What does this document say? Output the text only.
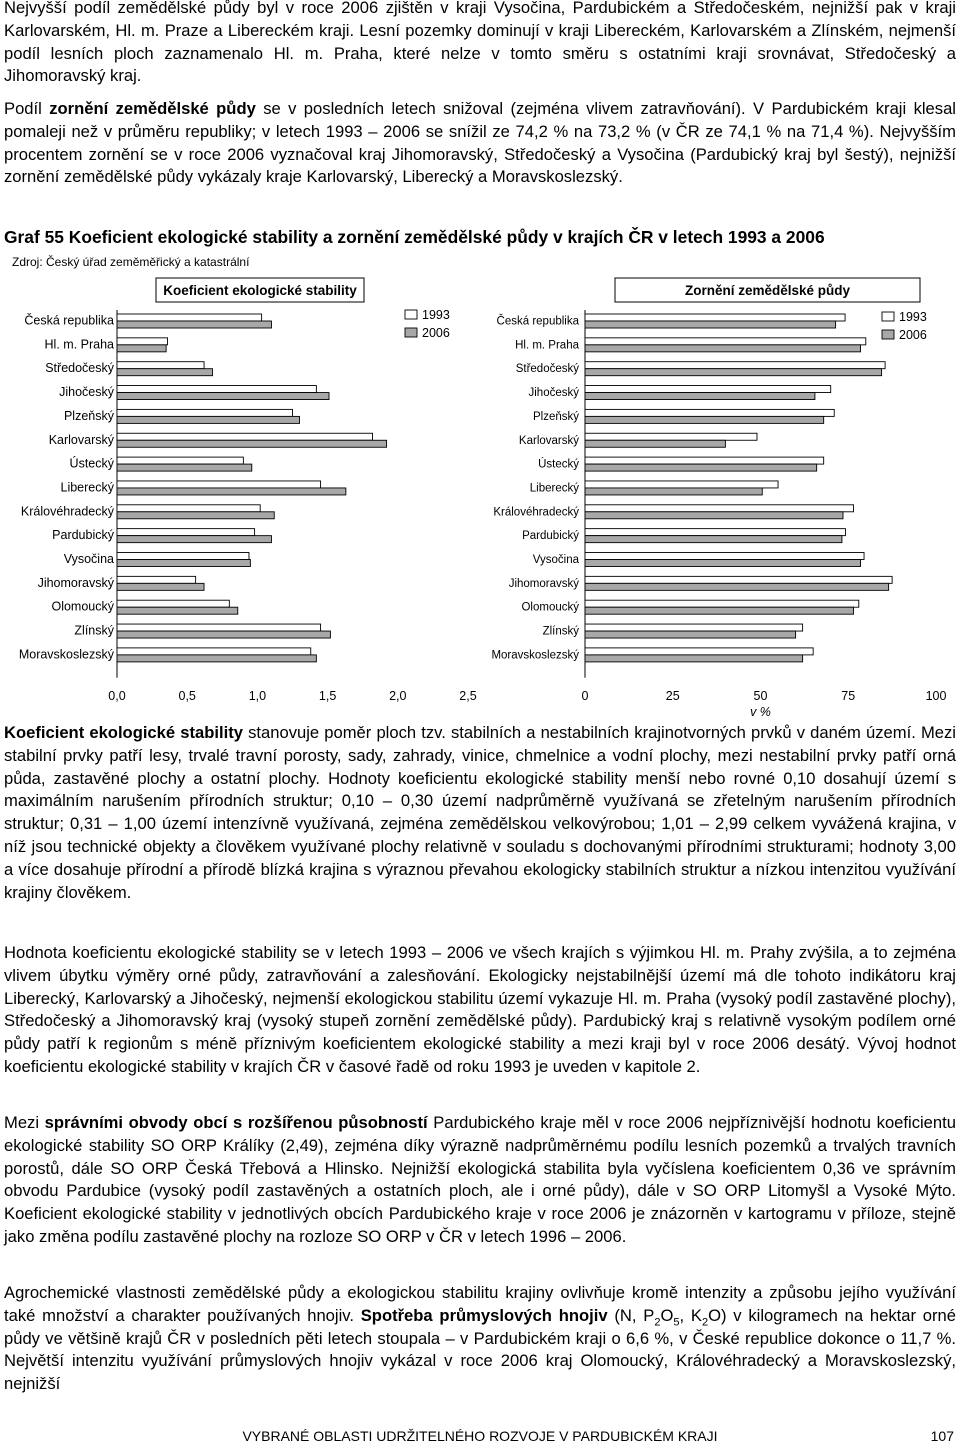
Nejvyšší podíl zemědělské půdy byl v roce 2006 zjištěn v kraji Vysočina, Pardubickém a Středočeském, nejnižší pak v kraji Karlovarském, Hl. m. Praze a Libereckém kraji. Lesní pozemky dominují v kraji Libereckém, Karlovarském a Zlínském, nejmenší podíl lesních ploch zaznamenalo Hl. m. Praha, které nelze v tomto směru s ostatními kraji srovnávat, Středočeský a Jihomoravský kraj.

Podíl zornění zemědělské půdy se v posledních letech snižoval (zejména vlivem zatravňování). V Pardubickém kraji klesal pomaleji než v průměru republiky; v letech 1993 – 2006 se snížil ze 74,2 % na 73,2 % (v ČR ze 74,1 % na 71,4 %). Nejvyšším procentem zornění se v roce 2006 vyznačoval kraj Jihomoravský, Středočeský a Vysočina (Pardubický kraj byl šestý), nejnižší zornění zemědělské půdy vykázaly kraje Karlovarský, Liberecký a Moravskoslezský.

Graf 55 Koeficient ekologické stability a zornění zemědělské půdy v krajích ČR v letech 1993 a 2006
Zdroj: Český úřad zeměměřický a katastrální
Koeficient ekologické stability
Česká republika
Hl. m. Praha
Středočeský
Jihočeský
Plzeňský
Karlovarský
Ústecký
Liberecký
Královéhradecký
Pardubický
Vysočina
Jihomoravský
Olomoucký
Zlínský
Moravskoslezský
0,0	0,5	1,0	1,5	2,0	2,5
1993
2006
Zornění zemědělské půdy
Česká republika
Hl. m. Praha
Středočeský
Jihočeský
Plzeňský
Karlovarský
Ústecký
Liberecký
Královéhradecký
Pardubický
Vysočina
Jihomoravský
Olomoucký
Zlínský
Moravskoslezský
0	25	50	75	100
v %
1993
2006

Koeficient ekologické stability stanovuje poměr ploch tzv. stabilních a nestabilních krajinotvorných prvků v daném území. Mezi stabilní prvky patří lesy, trvalé travní porosty, sady, zahrady, vinice, chmelnice a vodní plochy, mezi nestabilní prvky patří orná půda, zastavěné plochy a ostatní plochy. Hodnoty koeficientu ekologické stability menší nebo rovné 0,10 dosahují území s maximálním narušením přírodních struktur; 0,10 – 0,30 území nadprůměrně využívaná se zřetelným narušením přírodních struktur; 0,31 – 1,00 území intenzívně využívaná, zejména zemědělskou velkovýrobou; 1,01 – 2,99 celkem vyvážená krajina, v níž jsou technické objekty a člověkem využívané plochy relativně v souladu s dochovanými přírodními strukturami; hodnoty 3,00 a více dosahuje přírodní a přírodě blízká krajina s výraznou převahou ekologicky stabilních struktur a nízkou intenzitou využívání krajiny člověkem.

Hodnota koeficientu ekologické stability se v letech 1993 – 2006 ve všech krajích s výjimkou Hl. m. Prahy zvýšila, a to zejména vlivem úbytku výměry orné půdy, zatravňování a zalesňování. Ekologicky nejstabilnější území má dle tohoto indikátoru kraj Liberecký, Karlovarský a Jihočeský, nejmenší ekologickou stabilitu území vykazuje Hl. m. Praha (vysoký podíl zastavěné plochy), Středočeský a Jihomoravský kraj (vysoký stupeň zornění zemědělské půdy). Pardubický kraj s relativně vysokým podílem orné půdy patří k regionům s méně příznivým koeficientem ekologické stability a mezi kraji byl v roce 2006 desátý. Vývoj hodnot koeficientu ekologické stability v krajích ČR v časové řadě od roku 1993 je uveden v kapitole 2.

Mezi správními obvody obcí s rozšířenou působností Pardubického kraje měl v roce 2006 nejpříznivější hodnotu koeficientu ekologické stability SO ORP Králíky (2,49), zejména díky výrazně nadprůměrnému podílu lesních pozemků a trvalých travních porostů, dále SO ORP Česká Třebová a Hlinsko. Nejnižší ekologická stabilita byla vyčíslena koeficientem 0,36 ve správním obvodu Pardubice (vysoký podíl zastavěných a ostatních ploch, ale i orné půdy), dále v SO ORP Litomyšl a Vysoké Mýto. Koeficient ekologické stability v jednotlivých obcích Pardubického kraje v roce 2006 je znázorněn v kartogramu v příloze, stejně jako změna podílu zastavěné plochy na rozloze SO ORP v ČR v letech 1996 – 2006.

Agrochemické vlastnosti zemědělské půdy a ekologickou stabilitu krajiny ovlivňuje kromě intenzity a způsobu jejího využívání také množství a charakter používaných hnojiv. Spotřeba průmyslových hnojiv (N, $P_2O_5$, $K_2O$) v kilogramech na hektar orné půdy ve většině krajů ČR v posledních pěti letech stoupala – v Pardubickém kraji o 6,6 %, v České republice dokonce o 11,7 %. Největší intenzitu využívání průmyslových hnojiv vykázal v roce 2006 kraj Olomoucký, Královéhradecký a Moravskoslezský, nejnižší

VYBRANÉ OBLASTI UDRŽITELNÉHO ROZVOJE V PARDUBICKÉM KRAJI	107
